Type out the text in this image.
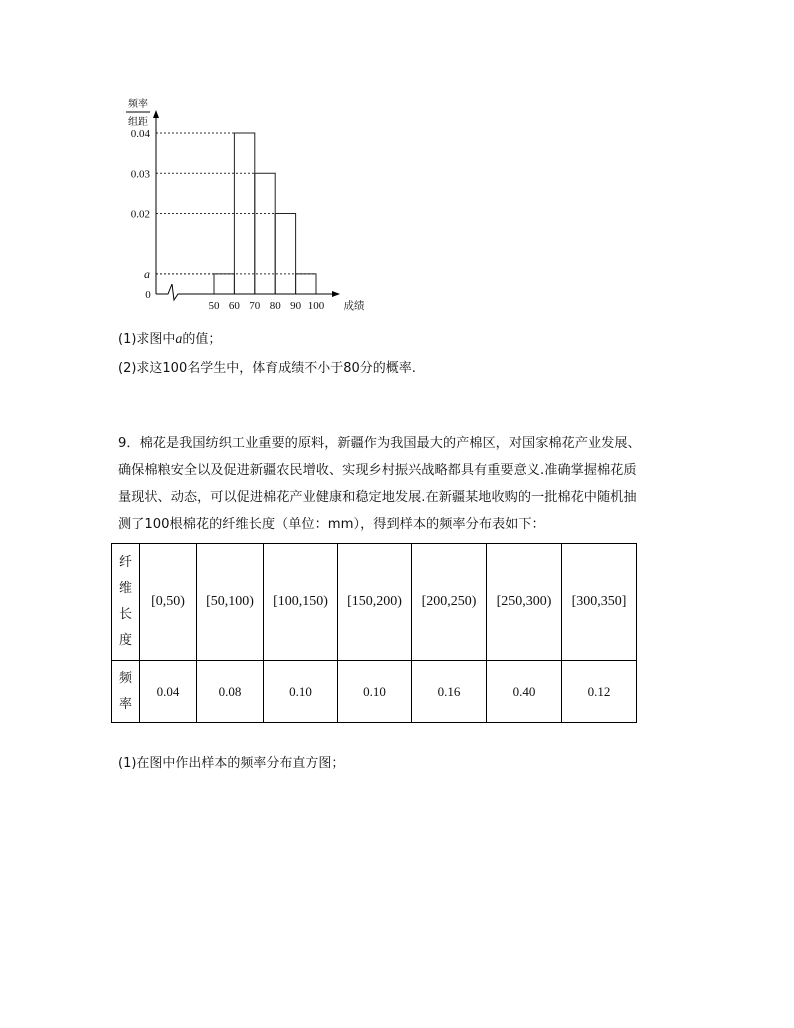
频率
组距
a
0.02
0.03
0.04
0
50 60 70 80 90 100 成绩
(1)求图中a的值；
(2)求这100名学生中，体育成绩不小于80分的概率.
9．棉花是我国纺织工业重要的原料，新疆作为我国最大的产棉区，对国家棉花产业发展、
确保棉粮安全以及促进新疆农民增收、实现乡村振兴战略都具有重要意义.准确掌握棉花质
量现状、动态，可以促进棉花产业健康和稳定地发展.在新疆某地收购的一批棉花中随机抽
测了100根棉花的纤维长度（单位：mm），得到样本的频率分布表如下：
纤
维
长
度	[0,50)	[50,100)	[100,150)	[150,200)	[200,250)	[250,300)	[300,350]
频
率	0.04	0.08	0.10	0.10	0.16	0.40	0.12
(1)在图中作出样本的频率分布直方图；
